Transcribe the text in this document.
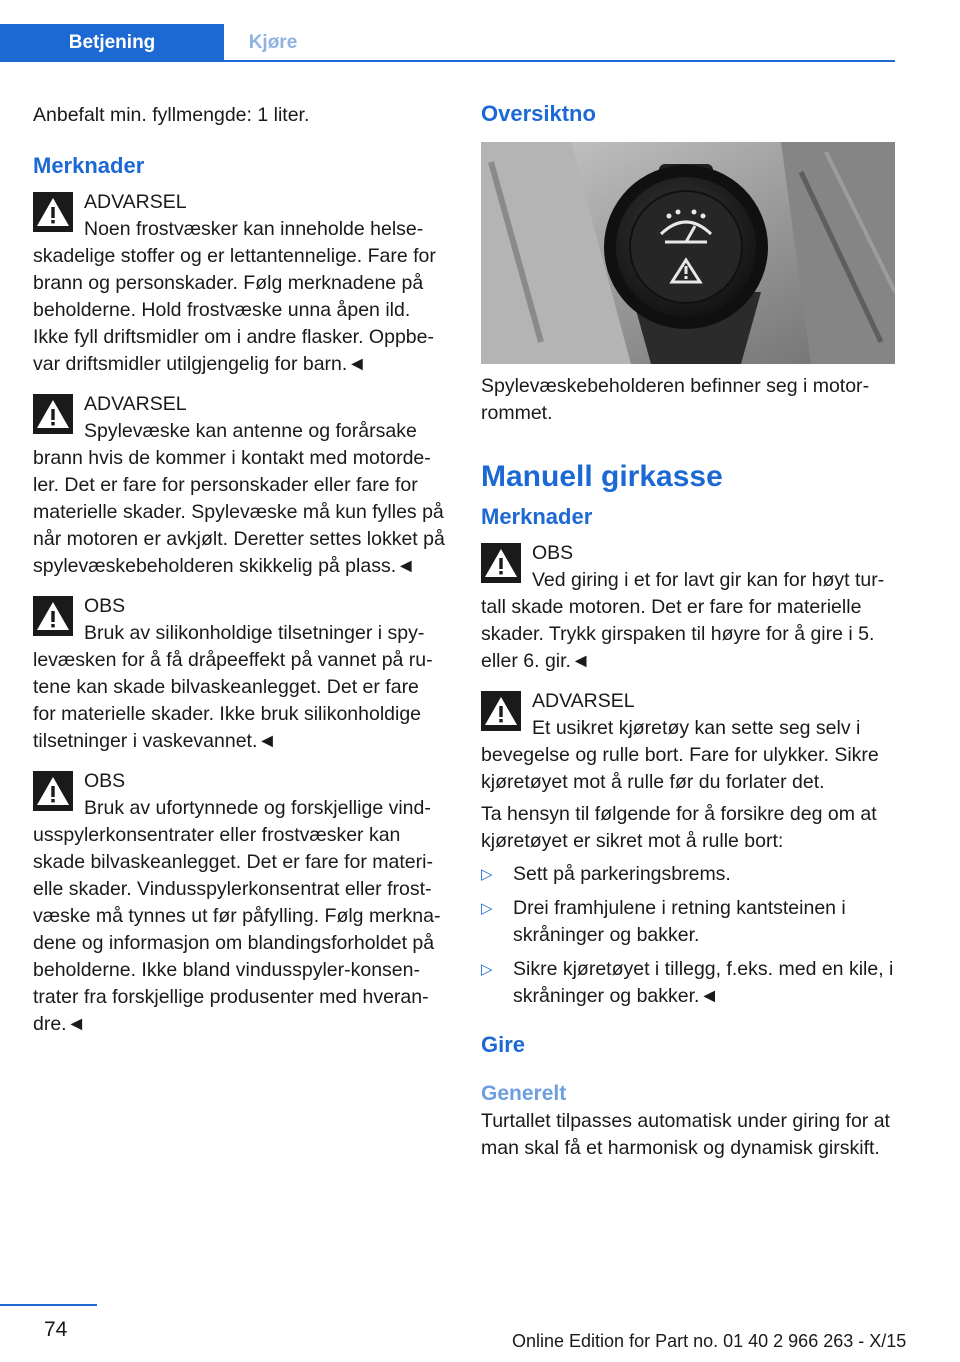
Betjening	Kjøre

Anbefalt min. fyllmengde: 1 liter.

Merknader

ADVARSEL

Noen frostvæsker kan inneholde helseskadelige stoffer og er lettantennelige. Fare for brann og personskader. Følg merknadene på beholderne. Hold frostvæske unna åpen ild. Ikke fyll driftsmidler om i andre flasker. Oppbevar driftsmidler utilgjengelig for barn.◄

ADVARSEL

Spylevæske kan antenne og forårsake brann hvis de kommer i kontakt med motordeler. Det er fare for personskader eller fare for materielle skader. Spylevæske må kun fylles på når motoren er avkjølt. Deretter settes lokket på spylevæskebeholderen skikkelig på plass.◄

OBS

Bruk av silikonholdige tilsetninger i spylevæsken for å få dråpeeffekt på vannet på rutene kan skade bilvaskeanlegget. Det er fare for materielle skader. Ikke bruk silikonholdige tilsetninger i vaskevannet.◄

OBS

Bruk av ufortynnede og forskjellige vindusspylerkonsentrater eller frostvæsker kan skade bilvaskeanlegget. Det er fare for materielle skader. Vindusspylerkonsentrat eller frostvæske må tynnes ut før påfylling. Følg merknadene og informasjon om blandingsforholdet på beholderne. Ikke bland vindusspyler-konsentrater fra forskjellige produsenter med hverandre.◄

Oversiktno

Spylevæskebeholderen befinner seg i motorrommet.

Manuell girkasse
Merknader

OBS

Ved giring i et for lavt gir kan for høyt turtall skade motoren. Det er fare for materielle skader. Trykk girspaken til høyre for å gire i 5. eller 6. gir.◄

ADVARSEL

Et usikret kjøretøy kan sette seg selv i bevegelse og rulle bort. Fare for ulykker. Sikre kjøretøyet mot å rulle før du forlater det.

Ta hensyn til følgende for å forsikre deg om at kjøretøyet er sikret mot å rulle bort:

▷ Sett på parkeringsbrems.
▷ Drei framhjulene i retning kantsteinen i skråninger og bakker.
▷ Sikre kjøretøyet i tillegg, f.eks. med en kile, i skråninger og bakker.◄
Gire
Generelt

Turtallet tilpasses automatisk under giring for at man skal få et harmonisk og dynamisk girskift.

74	Online Edition for Part no. 01 40 2 966 263 - X/15
